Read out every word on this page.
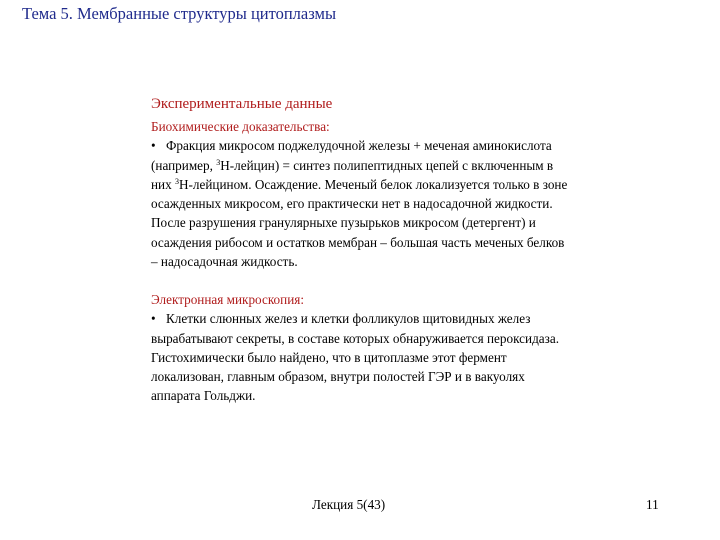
Тема 5. Мембранные структуры цитоплазмы
Экспериментальные данные
Биохимические доказательства:
• Фракция микросом поджелудочной железы + меченая аминокислота
(например, $^3$Н-лейцин) = синтез полипептидных цепей с включенным в
них $^3$Н-лейцином. Осаждение. Меченый белок локализуется только в зоне
осажденных микросом, его практически нет в надосадочной жидкости.
После разрушения гранулярныхе пузырьков микросом (детергент) и
осаждения рибосом и остатков мембран – большая часть меченых белков
– надосадочная жидкость.
Электронная микроскопия:
• Клетки слюнных желез и клетки фолликулов щитовидных желез
вырабатывают секреты, в составе которых обнаруживается пероксидаза.
Гистохимически было найдено, что в цитоплазме этот фермент
локализован, главным образом, внутри полостей ГЭР и в вакуолях
аппарата Гольджи.
Лекция 5(43)	11
